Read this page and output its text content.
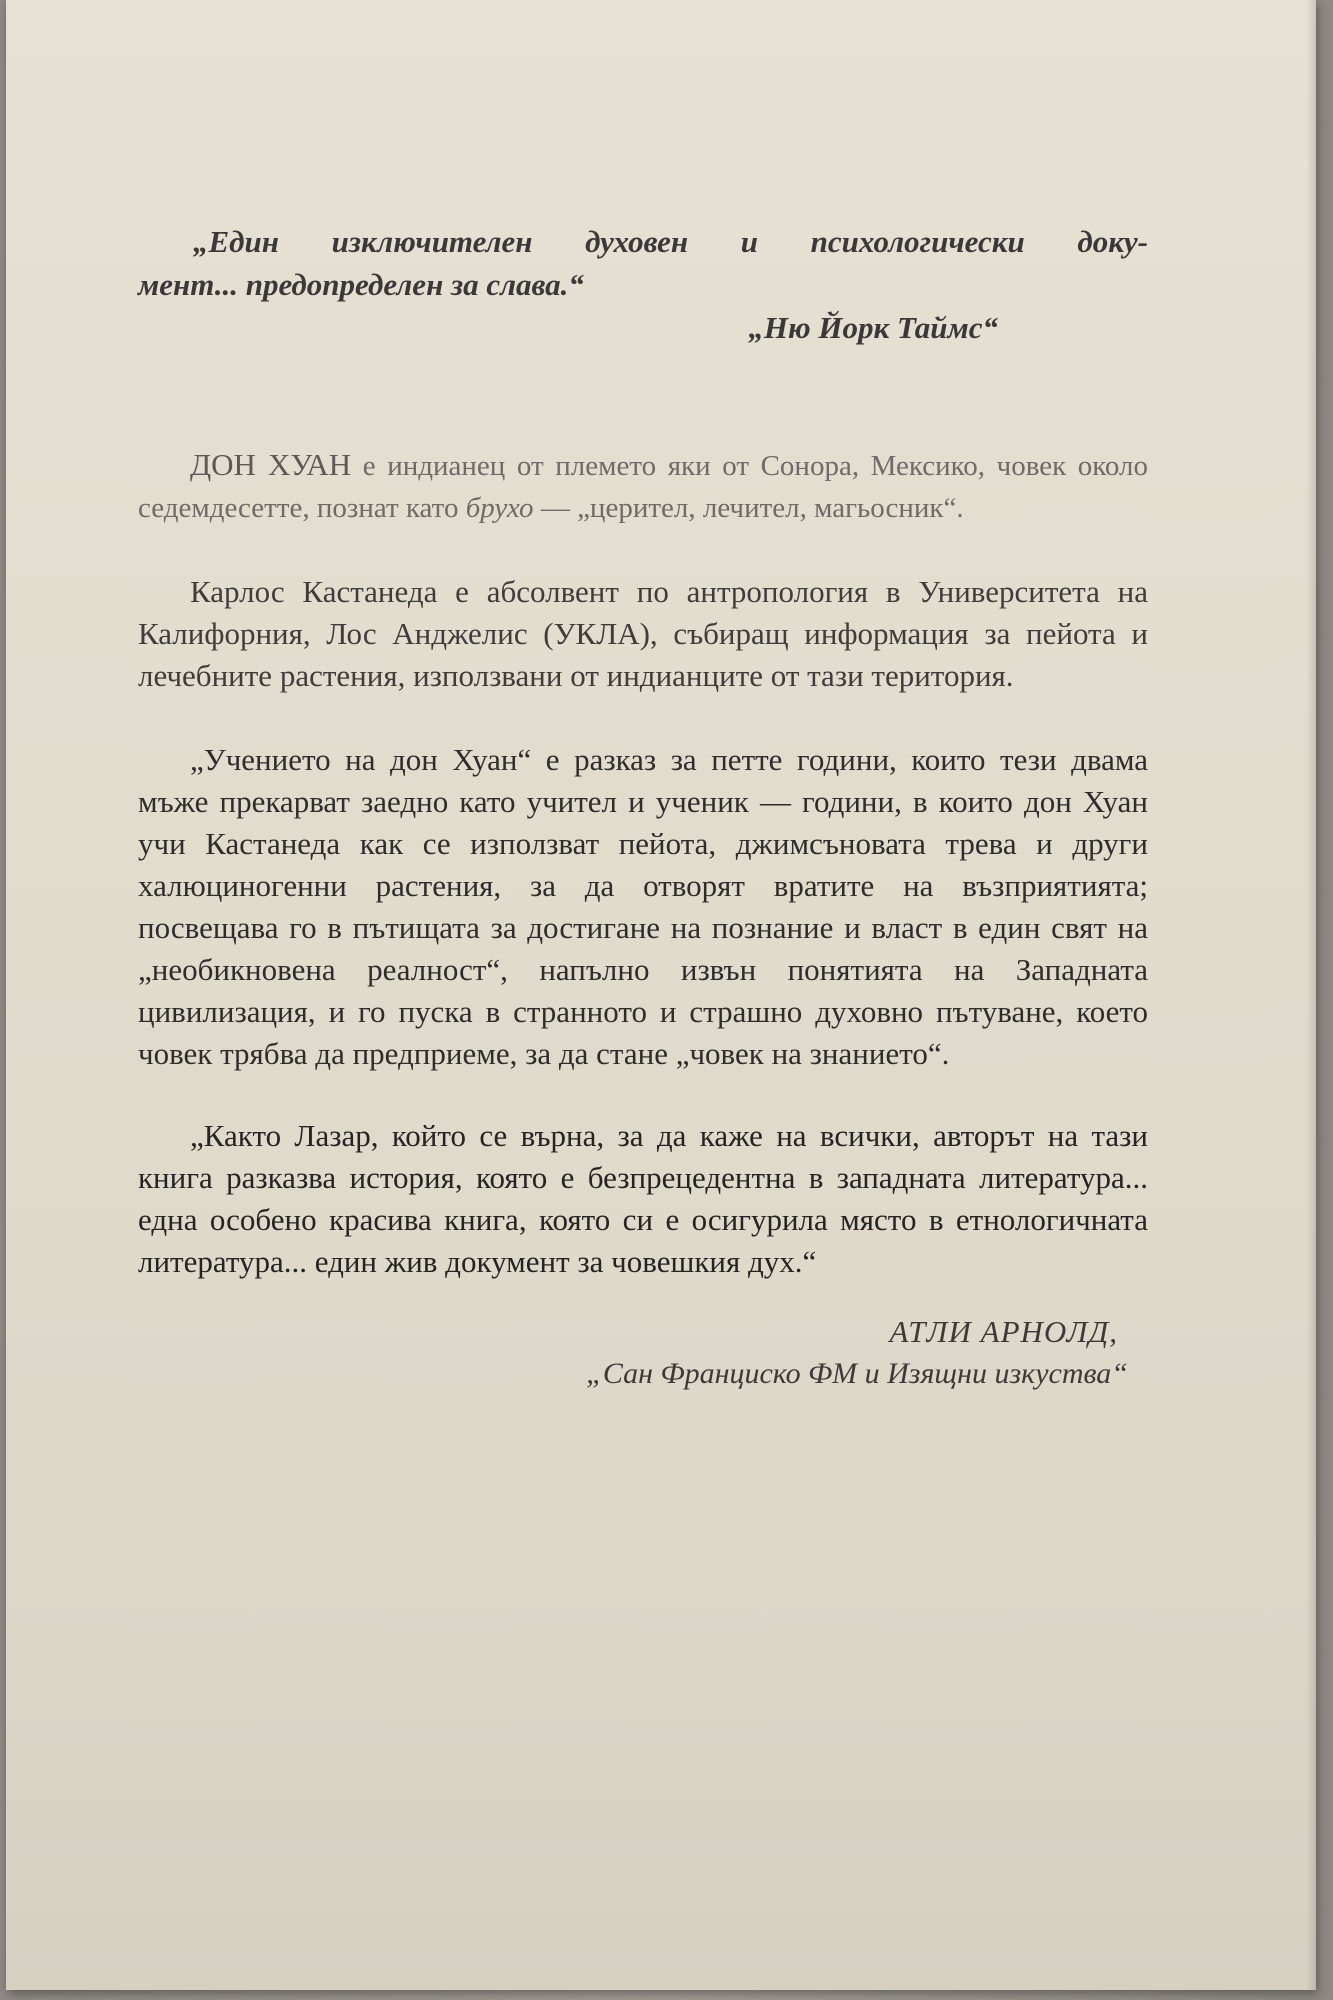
„Един изключителен духовен и психологически доку-
мент... предопределен за слава.“
„Ню Йорк Таймс“
ДОН ХУАН е индианец от племето яки от Сонора, Мексико, човек около седемдесетте, познат като брухо — „церител, лечител, магьосник“.
Карлос Кастанеда е абсолвент по антропология в Университета на Калифорния, Лос Анджелис (УКЛА), събиращ информация за пейота и лечебните растения, използвани от индианците от тази територия.
„Учението на дон Хуан“ е разказ за петте години, които тези двама мъже прекарват заедно като учител и ученик — години, в които дон Хуан учи Кастанеда как се използват пейота, джимсъновата трева и други халюциногенни растения, за да отворят вратите на възприятията; посвещава го в пътищата за достигане на познание и власт в един свят на „необикновена реалност“, напълно извън понятията на Западната цивилизация, и го пуска в странното и страшно духовно пътуване, което човек трябва да предприеме, за да стане „човек на знанието“.
„Както Лазар, който се върна, за да каже на всички, авторът на тази книга разказва история, която е безпрецедентна в западната литература... една особено красива книга, която си е осигурила място в етнологичната литература... един жив документ за човешкия дух.“
АТЛИ АРНОЛД,
„Сан Франциско ФМ и Изящни изкуства“
